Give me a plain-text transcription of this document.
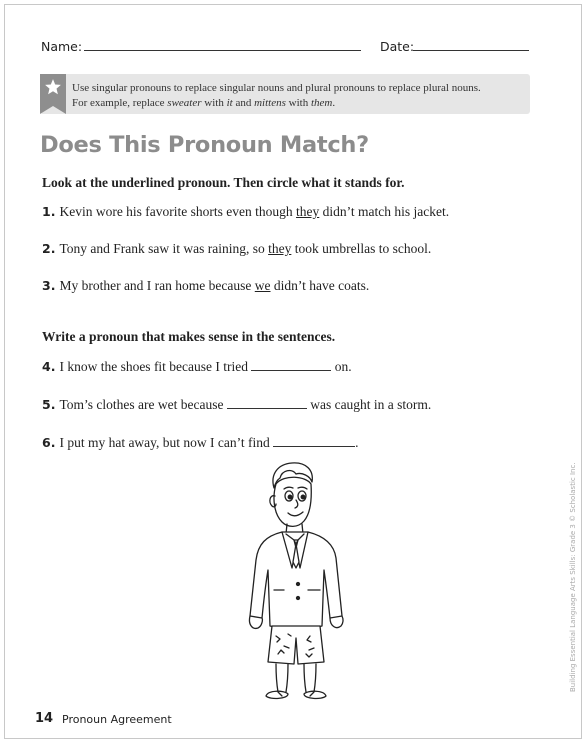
Name:	Date:
Use singular pronouns to replace singular nouns and plural pronouns to replace plural nouns.
For example, replace sweater with it and mittens with them.
Does This Pronoun Match?
Look at the underlined pronoun. Then circle what it stands for.
1. Kevin wore his favorite shorts even though they didn’t match his jacket.
2. Tony and Frank saw it was raining, so they took umbrellas to school.
3. My brother and I ran home because we didn’t have coats.
Write a pronoun that makes sense in the sentences.
4. I know the shoes fit because I tried	on.
5. Tom’s clothes are wet because	was caught in a storm.
6. I put my hat away, but now I can’t find	.
Building Essential Language Arts Skills: Grade 3 © Scholastic Inc.
14 Pronoun Agreement
